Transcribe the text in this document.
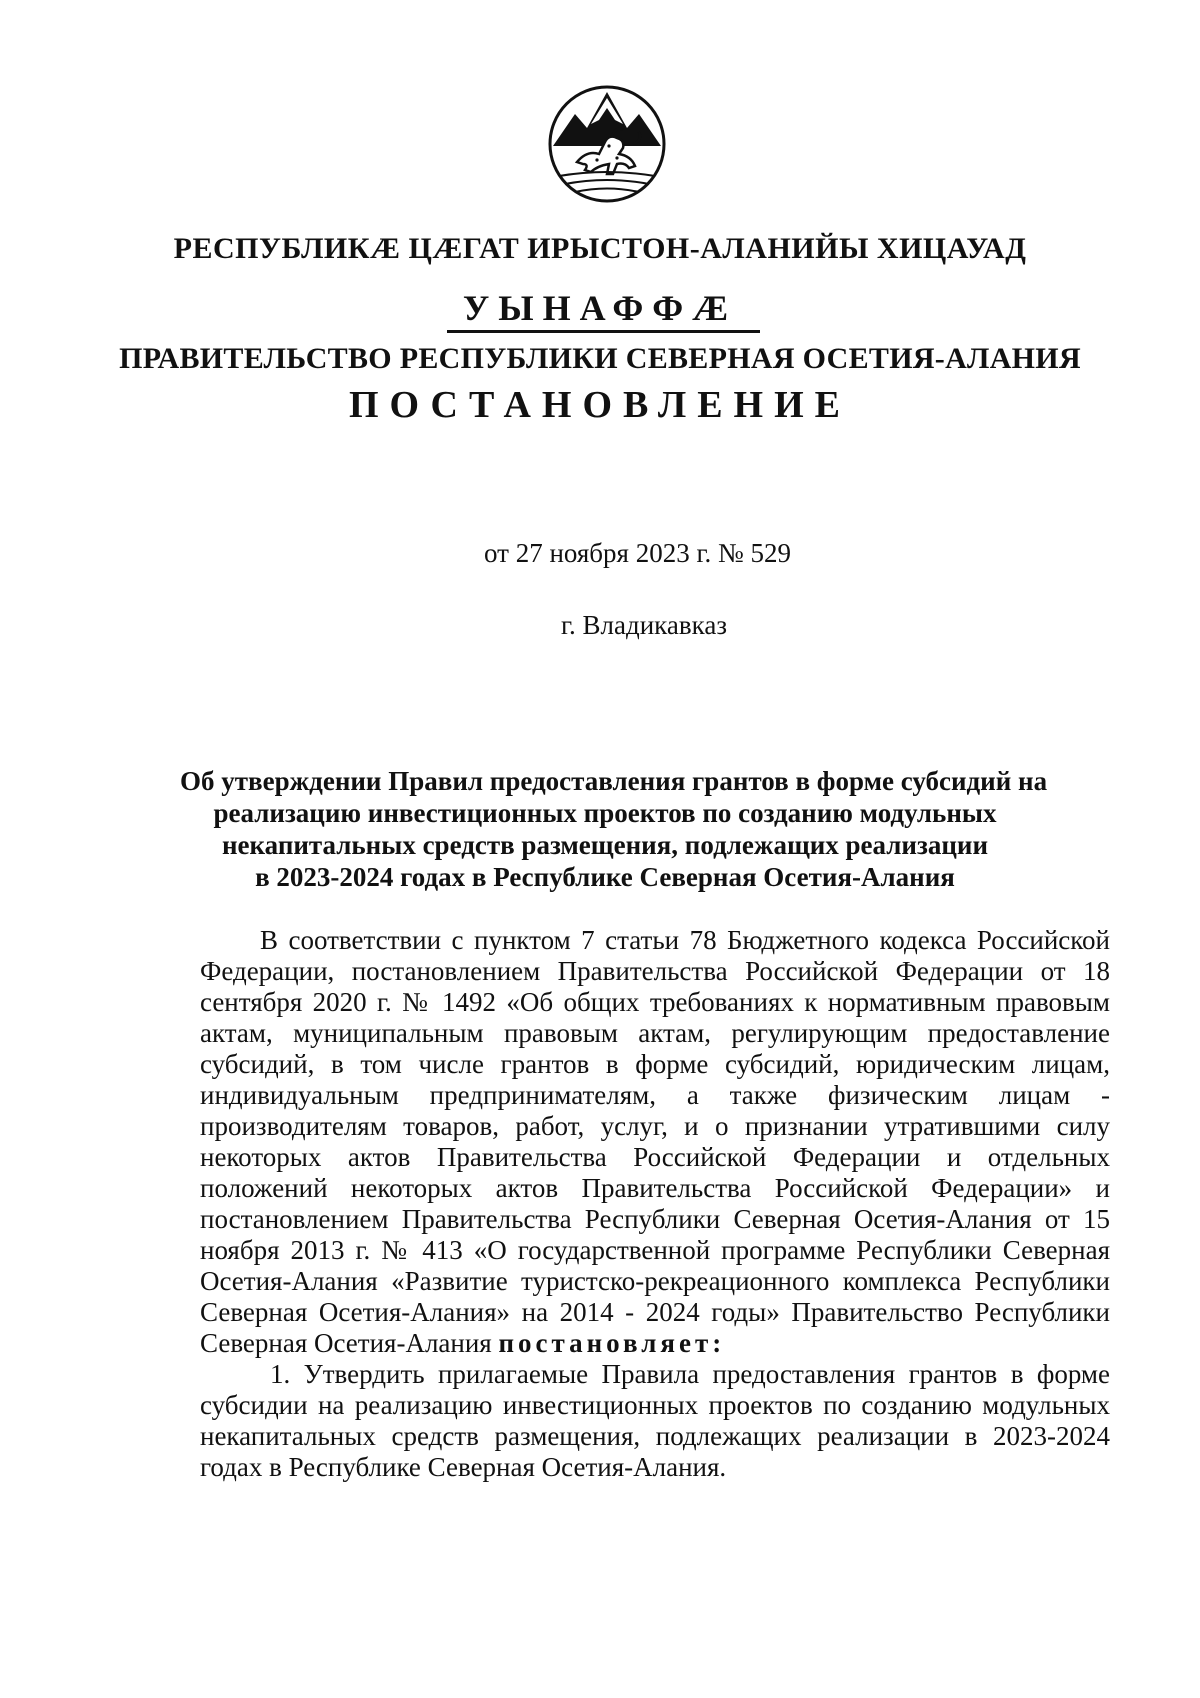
РЕСПУБЛИКÆ ЦÆГАТ ИРЫСТОН-АЛАНИЙЫ ХИЦАУАД
УЫНАФФÆ
ПРАВИТЕЛЬСТВО РЕСПУБЛИКИ СЕВЕРНАЯ ОСЕТИЯ-АЛАНИЯ
ПОСТАНОВЛЕНИЕ
от 27 ноября 2023 г. № 529
г. Владикавказ
Об утверждении Правил предоставления грантов в форме субсидий на
реализацию инвестиционных проектов по созданию модульных
некапитальных средств размещения, подлежащих реализации
в 2023-2024 годах в Республике Северная Осетия-Алания

В соответствии с пунктом 7 статьи 78 Бюджетного кодекса Российской Федерации, постановлением Правительства Российской Федерации от 18 сентября 2020 г. № 1492 «Об общих требованиях к нормативным правовым актам, муниципальным правовым актам, регулирующим предоставление субсидий, в том числе грантов в форме субсидий, юридическим лицам, индивидуальным предпринимателям, а также физическим лицам - производителям товаров, работ, услуг, и о признании утратившими силу некоторых актов Правительства Российской Федерации и отдельных положений некоторых актов Правительства Российской Федерации» и постановлением Правительства Республики Северная Осетия-Алания от 15 ноября 2013 г. № 413 «О государственной программе Республики Северная Осетия-Алания «Развитие туристско-рекреационного комплекса Республики Северная Осетия-Алания» на 2014 - 2024 годы» Правительство Республики Северная Осетия-Алания постановляет:

1. Утвердить прилагаемые Правила предоставления грантов в форме субсидии на реализацию инвестиционных проектов по созданию модульных некапитальных средств размещения, подлежащих реализации в 2023-2024 годах в Республике Северная Осетия-Алания.
